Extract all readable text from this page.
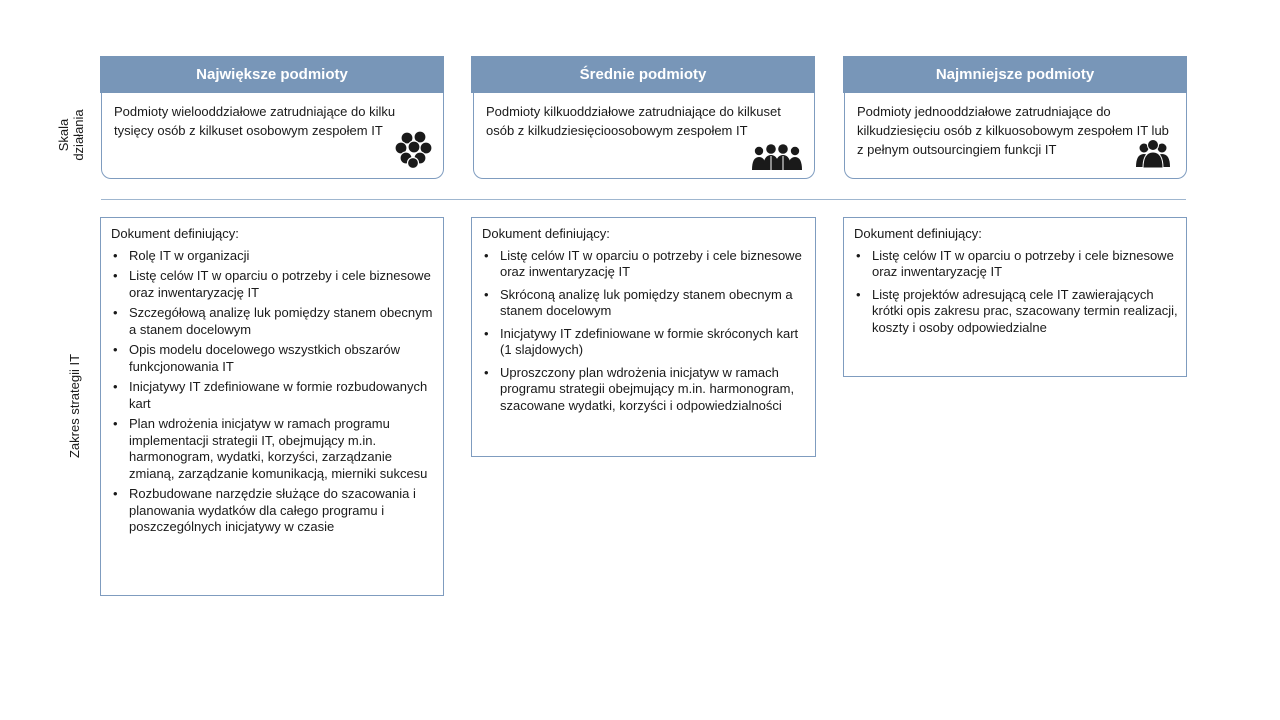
Skala działania
Zakres strategii IT
Największe podmioty
Podmioty wielooddziałowe zatrudniające do kilku tysięcy osób z kilkuset osobowym zespołem IT
Średnie podmioty
Podmioty kilkuoddziałowe zatrudniające do kilkuset osób z kilkudziesięcioosobowym zespołem IT
Najmniejsze podmioty
Podmioty jednooddziałowe zatrudniające do kilkudziesięciu osób z kilkuosobowym zespołem IT lub z pełnym outsourcingiem funkcji IT
Dokument definiujący:
• Rolę IT w organizacji
• Listę celów IT w oparciu o potrzeby i cele biznesowe oraz inwentaryzację IT
• Szczegółową analizę luk pomiędzy stanem obecnym a stanem docelowym
• Opis modelu docelowego wszystkich obszarów funkcjonowania IT
• Inicjatywy IT zdefiniowane w formie rozbudowanych kart
• Plan wdrożenia inicjatyw w ramach programu implementacji strategii IT, obejmujący m.in. harmonogram, wydatki, korzyści, zarządzanie zmianą, zarządzanie komunikacją, mierniki sukcesu
• Rozbudowane narzędzie służące do szacowania i planowania wydatków dla całego programu i poszczególnych inicjatywy w czasie
Dokument definiujący:
• Listę celów IT w oparciu o potrzeby i cele biznesowe oraz inwentaryzację IT
• Skróconą analizę luk pomiędzy stanem obecnym a stanem docelowym
• Inicjatywy IT zdefiniowane w formie skróconych kart (1 slajdowych)
• Uproszczony plan wdrożenia inicjatyw w ramach programu strategii obejmujący m.in. harmonogram, szacowane wydatki, korzyści i odpowiedzialności
Dokument definiujący:
• Listę celów IT w oparciu o potrzeby i cele biznesowe oraz inwentaryzację IT
• Listę projektów adresującą cele IT zawierających krótki opis zakresu prac, szacowany termin realizacji, koszty i osoby odpowiedzialne
